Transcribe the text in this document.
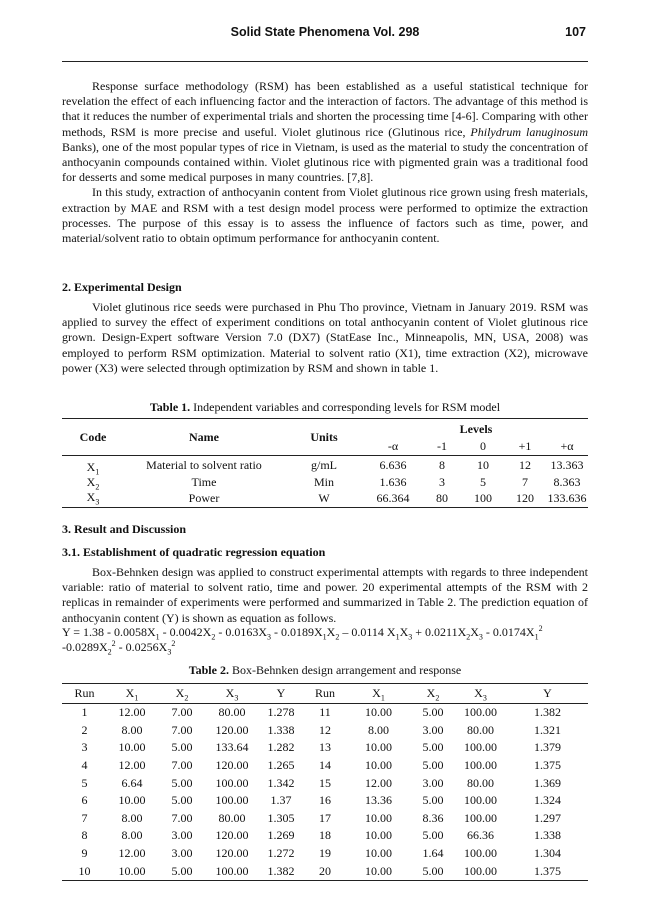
Solid State Phenomena Vol. 298	107

Response surface methodology (RSM) has been established as a useful statistical technique for revelation the effect of each influencing factor and the interaction of factors. The advantage of this method is that it reduces the number of experimental trials and shorten the processing time [4-6]. Comparing with other methods, RSM is more precise and useful. Violet glutinous rice (Glutinous rice, Philydrum lanuginosum Banks), one of the most popular types of rice in Vietnam, is used as the material to study the concentration of anthocyanin compounds contained within. Violet glutinous rice with pigmented grain was a traditional food for desserts and some medical purposes in many countries. [7,8].

In this study, extraction of anthocyanin content from Violet glutinous rice grown using fresh materials, extraction by MAE and RSM with a test design model process were performed to optimize the extraction processes. The purpose of this essay is to assess the influence of factors such as time, power, and material/solvent ratio to obtain optimum performance for anthocyanin content.

2. Experimental Design

Violet glutinous rice seeds were purchased in Phu Tho province, Vietnam in January 2019. RSM was applied to survey the effect of experiment conditions on total anthocyanin content of Violet glutinous rice grown. Design-Expert software Version 7.0 (DX7) (StatEase Inc., Minneapolis, MN, USA, 2008) was employed to perform RSM optimization. Material to solvent ratio (X1), time extraction (X2), microwave power (X3) were selected through optimization by RSM and shown in table 1.

Table 1. Independent variables and corresponding levels for RSM model
Code	Name	Units	Levels				
			-α	-1	0	+1	+α
$X_1$	Material to solvent ratio	g/mL	6.636	8	10	12	13.363
$X_2$	Time	Min	1.636	3	5	7	8.363
$X_3$	Power	W	66.364	80	100	120	133.636
3. Result and Discussion
3.1. Establishment of quadratic regression equation

Box-Behnken design was applied to construct experimental attempts with regards to three independent variable: ratio of material to solvent ratio, time and power. 20 experimental attempts of the RSM with 2 replicas in remainder of experiments were performed and summarized in Table 2. The prediction equation of anthocyanin content (Y) is shown as equation as follows.

$Y = 1.38 - 0.0058X_1 - 0.0042X_2 - 0.0163X_3 - 0.0189X_1X_2 - 0.0114$ $X_1X_3 + 0.0211X_2X_3 - 0.0174X_1^2$
$-0.0289X_2^2 - 0.0256X_3^2$
Table 2. Box-Behnken design arrangement and response
Run	$X_1$	$X_2$	$X_3$	Y	Run	$X_1$	$X_2$	$X_3$	Y
1	12.00	7.00	80.00	1.278	11	10.00	5.00	100.00	1.382
2	8.00	7.00	120.00	1.338	12	8.00	3.00	80.00	1.321
3	10.00	5.00	133.64	1.282	13	10.00	5.00	100.00	1.379
4	12.00	7.00	120.00	1.265	14	10.00	5.00	100.00	1.375
5	6.64	5.00	100.00	1.342	15	12.00	3.00	80.00	1.369
6	10.00	5.00	100.00	1.37	16	13.36	5.00	100.00	1.324
7	8.00	7.00	80.00	1.305	17	10.00	8.36	100.00	1.297
8	8.00	3.00	120.00	1.269	18	10.00	5.00	66.36	1.338
9	12.00	3.00	120.00	1.272	19	10.00	1.64	100.00	1.304
10	10.00	5.00	100.00	1.382	20	10.00	5.00	100.00	1.375
